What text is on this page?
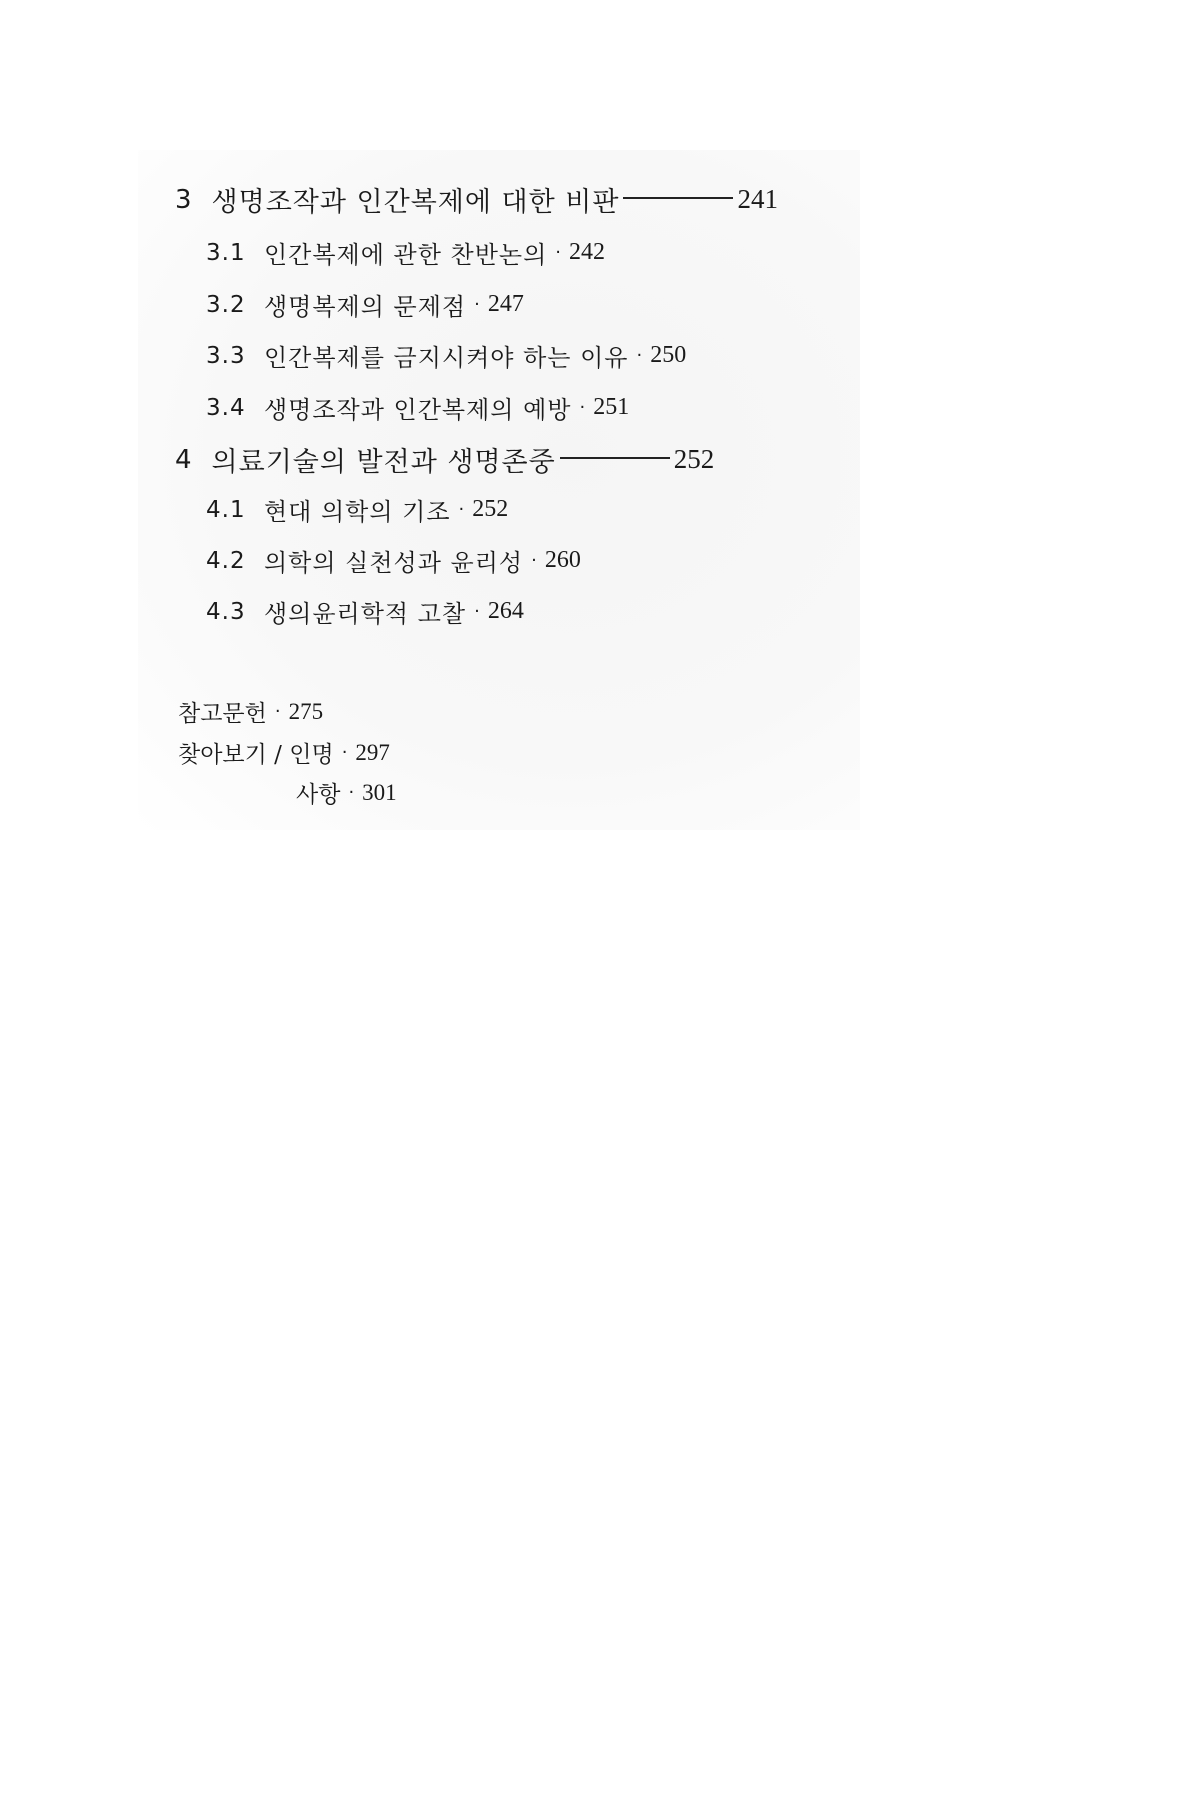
3 생명조작과 인간복제에 대한 비판	241
3.1 인간복제에 관한 찬반논의 · 242
3.2 생명복제의 문제점 · 247
3.3 인간복제를 금지시켜야 하는 이유 · 250
3.4 생명조작과 인간복제의 예방 · 251
4 의료기술의 발전과 생명존중	252
4.1 현대 의학의 기조 · 252
4.2 의학의 실천성과 윤리성 · 260
4.3 생의윤리학적 고찰 · 264
참고문헌 · 275
찾아보기 / 인명 · 297
사항 · 301
